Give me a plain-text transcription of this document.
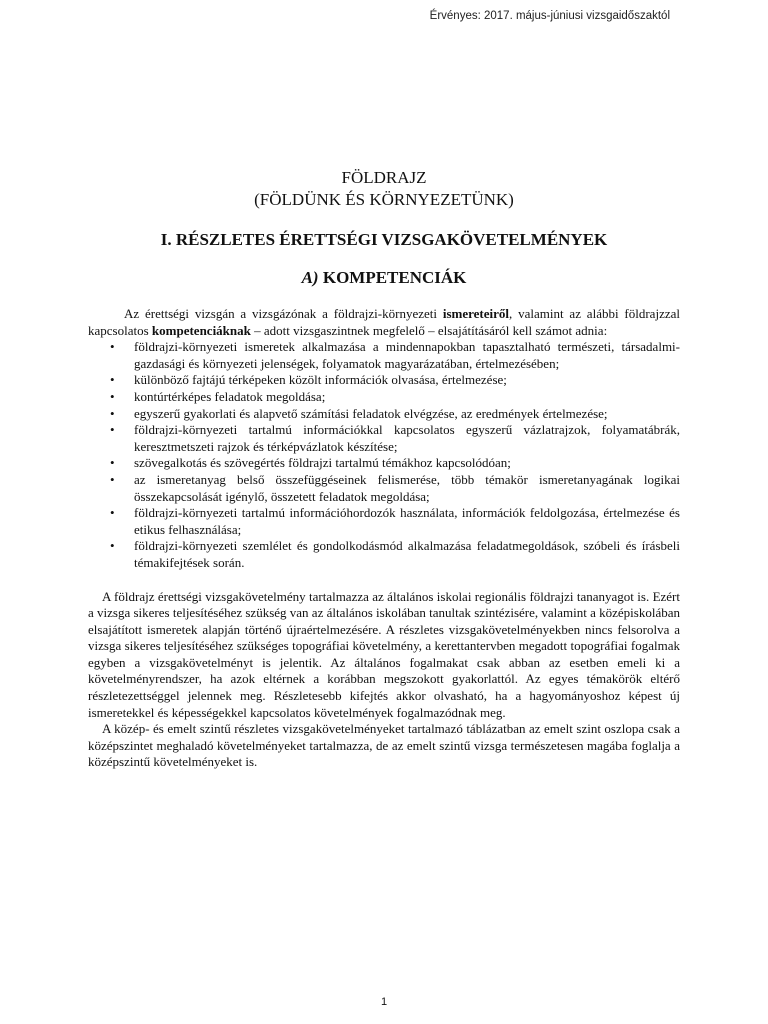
Érvényes: 2017. május-júniusi vizsgaidőszaktól
FÖLDRAJZ
(FÖLDÜNK ÉS KÖRNYEZETÜNK)
I. RÉSZLETES ÉRETTSÉGI VIZSGAKÖVETELMÉNYEK
A) KOMPETENCIÁK

Az érettségi vizsgán a vizsgázónak a földrajzi-környezeti ismereteiről, valamint az alábbi földrajzzal kapcsolatos kompetenciáknak – adott vizsgaszintnek megfelelő – elsajátításáról kell számot adnia:

• földrajzi-környezeti ismeretek alkalmazása a mindennapokban tapasztalható természeti, társadalmi-gazdasági és környezeti jelenségek, folyamatok magyarázatában, értelmezésében;
• különböző fajtájú térképeken közölt információk olvasása, értelmezése;
• kontúrtérképes feladatok megoldása;
• egyszerű gyakorlati és alapvető számítási feladatok elvégzése, az eredmények értelmezése;
• földrajzi-környezeti tartalmú információkkal kapcsolatos egyszerű vázlatrajzok, folyamatábrák, keresztmetszeti rajzok és térképvázlatok készítése;
• szövegalkotás és szövegértés földrajzi tartalmú témákhoz kapcsolódóan;
• az ismeretanyag belső összefüggéseinek felismerése, több témakör ismeretanyagának logikai összekapcsolását igénylő, összetett feladatok megoldása;
• földrajzi-környezeti tartalmú információhordozók használata, információk feldolgozása, értelmezése és etikus felhasználása;
• földrajzi-környezeti szemlélet és gondolkodásmód alkalmazása feladatmegoldások, szóbeli és írásbeli témakifejtések során.

A földrajz érettségi vizsgakövetelmény tartalmazza az általános iskolai regionális földrajzi tananyagot is. Ezért a vizsga sikeres teljesítéséhez szükség van az általános iskolában tanultak szintézisére, valamint a középiskolában elsajátított ismeretek alapján történő újraértelmezésére. A részletes vizsgakövetelményekben nincs felsorolva a vizsga sikeres teljesítéséhez szükséges topográfiai követelmény, a kerettantervben megadott topográfiai fogalmak egyben a vizsgakövetelményt is jelentik. Az általános fogalmakat csak abban az esetben emeli ki a követelményrendszer, ha azok eltérnek a korábban megszokott gyakorlattól. Az egyes témakörök eltérő részletezettséggel jelennek meg. Részletesebb kifejtés akkor olvasható, ha a hagyományoshoz képest új ismeretekkel és képességekkel kapcsolatos követelmények fogalmazódnak meg.

A közép- és emelt szintű részletes vizsgakövetelményeket tartalmazó táblázatban az emelt szint oszlopa csak a középszintet meghaladó követelményeket tartalmazza, de az emelt szintű vizsga természetesen magába foglalja a középszintű követelményeket is.

1
